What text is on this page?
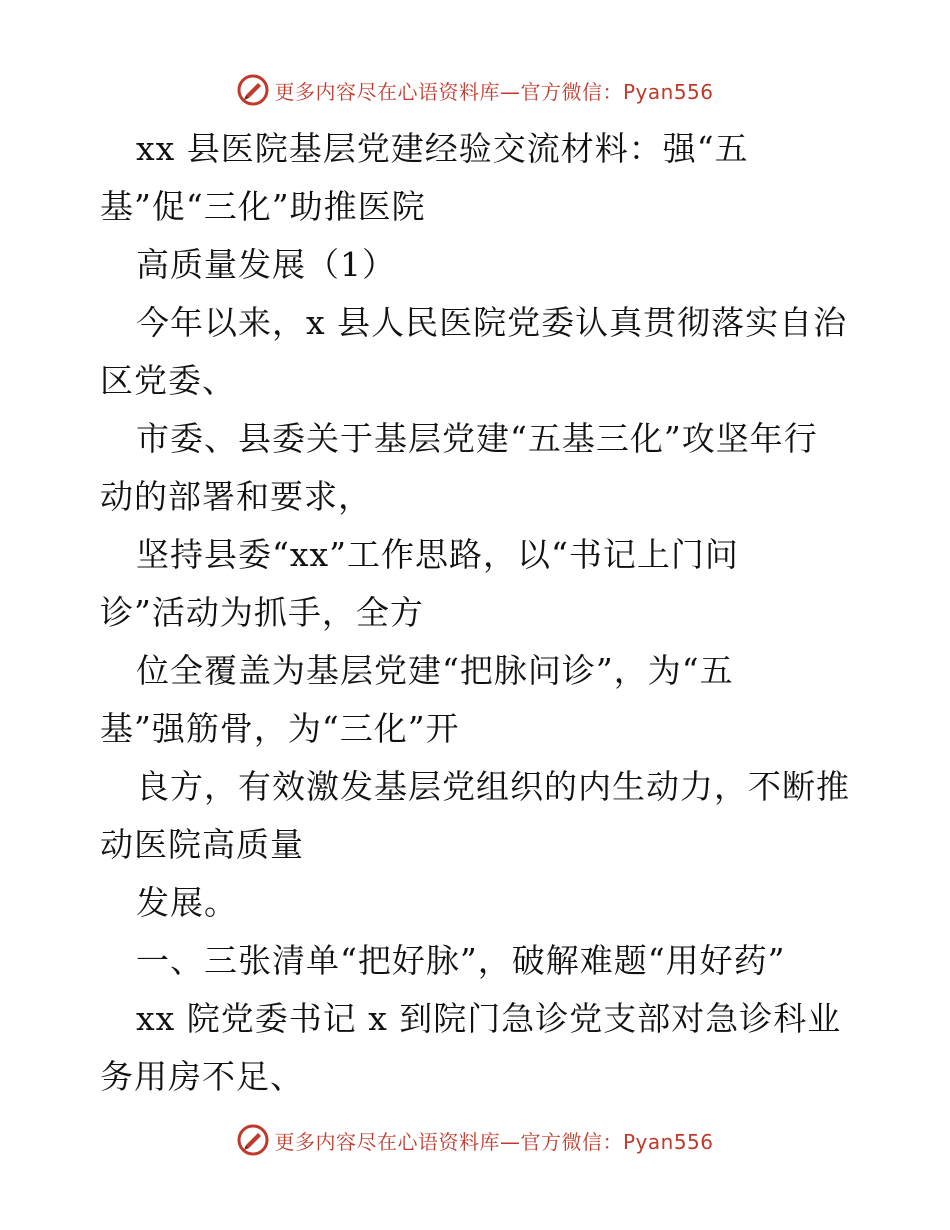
更多内容尽在心语资料库—官方微信：Pyan556
xx 县医院基层党建经验交流材料：强“五
基”促“三化”助推医院
高质量发展（1）
今年以来，x 县人民医院党委认真贯彻落实自治
区党委、
市委、县委关于基层党建“五基三化”攻坚年行
动的部署和要求，
坚持县委“xx”工作思路，以“书记上门问
诊”活动为抓手，全方
位全覆盖为基层党建“把脉问诊”，为“五
基”强筋骨，为“三化”开
良方，有效激发基层党组织的内生动力，不断推
动医院高质量
发展。
一、三张清单“把好脉”，破解难题“用好药”
xx 院党委书记 x 到院门急诊党支部对急诊科业
务用房不足、
更多内容尽在心语资料库—官方微信：Pyan556
